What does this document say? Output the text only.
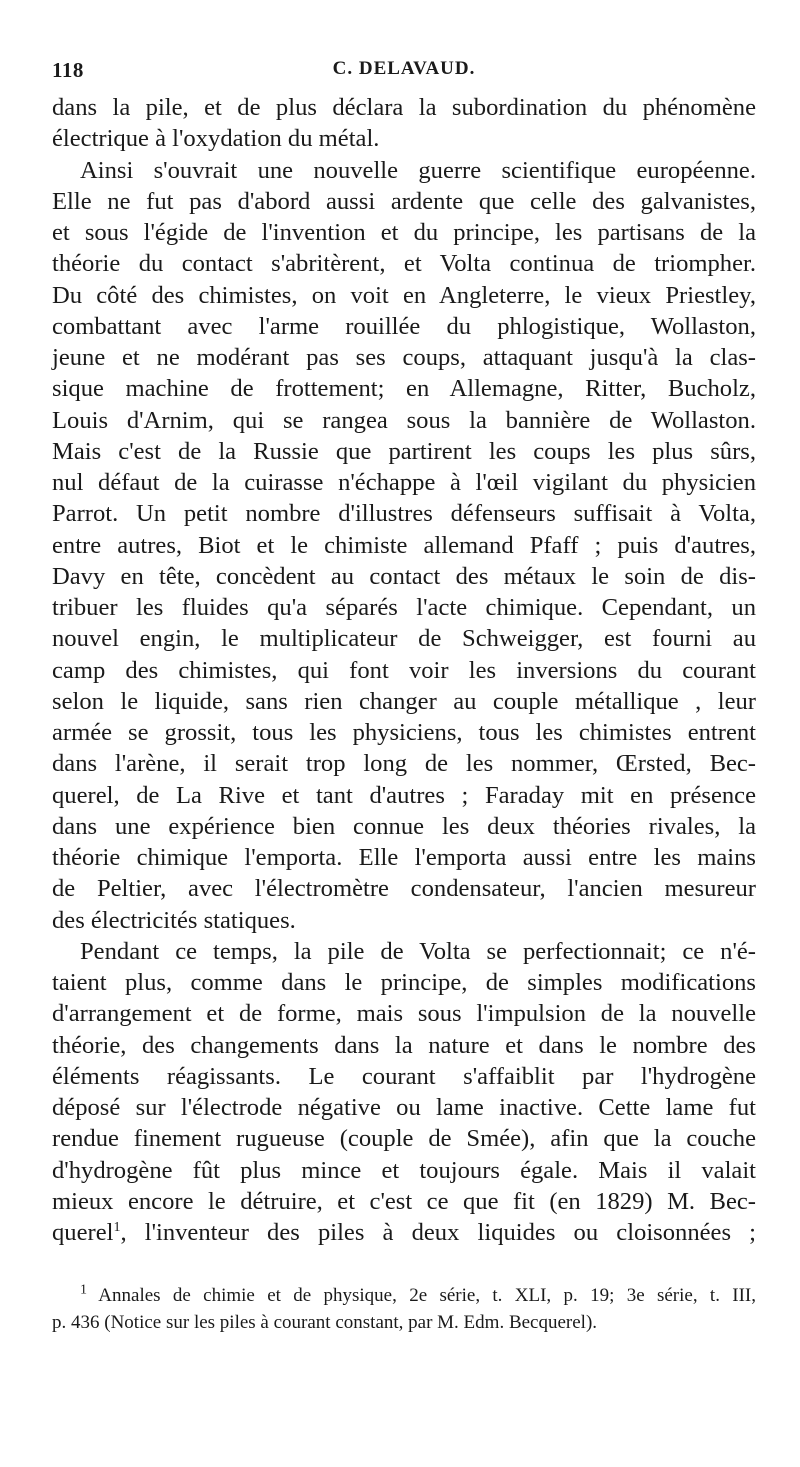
118	C. DELAVAUD.
dans la pile, et de plus déclara la subordination du phénomène
électrique à l'oxydation du métal.
Ainsi s'ouvrait une nouvelle guerre scientifique européenne.
Elle ne fut pas d'abord aussi ardente que celle des galvanistes,
et sous l'égide de l'invention et du principe, les partisans de la
théorie du contact s'abritèrent, et Volta continua de triompher.
Du côté des chimistes, on voit en Angleterre, le vieux Priestley,
combattant avec l'arme rouillée du phlogistique, Wollaston,
jeune et ne modérant pas ses coups, attaquant jusqu'à la clas-
sique machine de frottement; en Allemagne, Ritter, Bucholz,
Louis d'Arnim, qui se rangea sous la bannière de Wollaston.
Mais c'est de la Russie que partirent les coups les plus sûrs,
nul défaut de la cuirasse n'échappe à l'œil vigilant du physicien
Parrot. Un petit nombre d'illustres défenseurs suffisait à Volta,
entre autres, Biot et le chimiste allemand Pfaff ; puis d'autres,
Davy en tête, concèdent au contact des métaux le soin de dis-
tribuer les fluides qu'a séparés l'acte chimique. Cependant, un
nouvel engin, le multiplicateur de Schweigger, est fourni au
camp des chimistes, qui font voir les inversions du courant
selon le liquide, sans rien changer au couple métallique , leur
armée se grossit, tous les physiciens, tous les chimistes entrent
dans l'arène, il serait trop long de les nommer, Œrsted, Bec-
querel, de La Rive et tant d'autres ; Faraday mit en présence
dans une expérience bien connue les deux théories rivales, la
théorie chimique l'emporta. Elle l'emporta aussi entre les mains
de Peltier, avec l'électromètre condensateur, l'ancien mesureur
des électricités statiques.
Pendant ce temps, la pile de Volta se perfectionnait; ce n'é-
taient plus, comme dans le principe, de simples modifications
d'arrangement et de forme, mais sous l'impulsion de la nouvelle
théorie, des changements dans la nature et dans le nombre des
éléments réagissants. Le courant s'affaiblit par l'hydrogène
déposé sur l'électrode négative ou lame inactive. Cette lame fut
rendue finement rugueuse (couple de Smée), afin que la couche
d'hydrogène fût plus mince et toujours égale. Mais il valait
mieux encore le détruire, et c'est ce que fit (en 1829) M. Bec-
querel$^1$, l'inventeur des piles à deux liquides ou cloisonnées ;
$^1$ Annales de chimie et de physique, 2e série, t. XLI, p. 19; 3e série, t. III,
p. 436 (Notice sur les piles à courant constant, par M. Edm. Becquerel).
